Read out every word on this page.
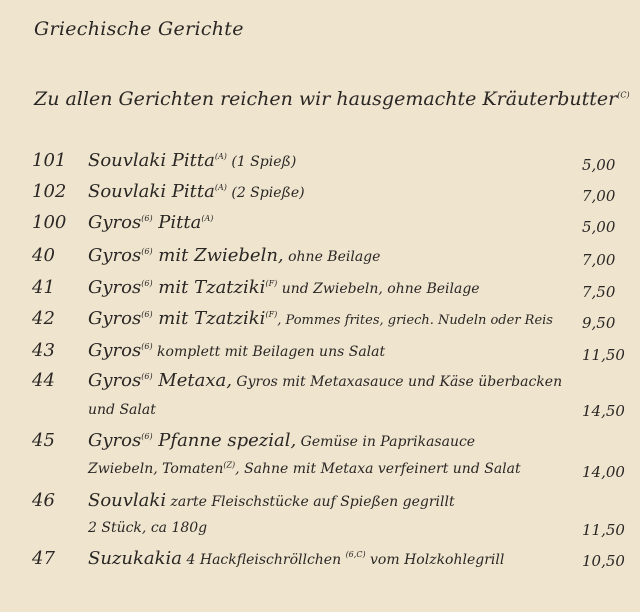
Griechische Gerichte
Zu allen Gerichten reichen wir hausgemachte Kräuterbutter$^{(C)}$
101 Souvlaki Pitta$^{(A)}$ (1 Spieß)	5,00
102 Souvlaki Pitta$^{(A)}$ (2 Spieße)	7,00
100 Gyros$^{(6)}$ Pitta$^{(A)}$	5,00
40 Gyros$^{(6)}$ mit Zwiebeln, ohne Beilage	7,00
41 Gyros$^{(6)}$ mit Tzatziki$^{(F)}$ und Zwiebeln, ohne Beilage	7,50
42 Gyros$^{(6)}$ mit Tzatziki$^{(F)}$, Pommes frites, griech. Nudeln oder Reis 9,50
43 Gyros$^{(6)}$ komplett mit Beilagen uns Salat	11,50
44 Gyros$^{(6)}$ Metaxa, Gyros mit Metaxasauce und Käse überbacken
und Salat	14,50
45 Gyros$^{(6)}$ Pfanne spezial, Gemüse in Paprikasauce
Zwiebeln, Tomaten$^{(Z)}$, Sahne mit Metaxa verfeinert und Salat	14,00
46 Souvlaki zarte Fleischstücke auf Spießen gegrillt
2 Stück, ca 180g	11,50
47 Suzukakia 4 Hackfleischröllchen $^{(6,C)}$ vom Holzkohlegrill	10,50
